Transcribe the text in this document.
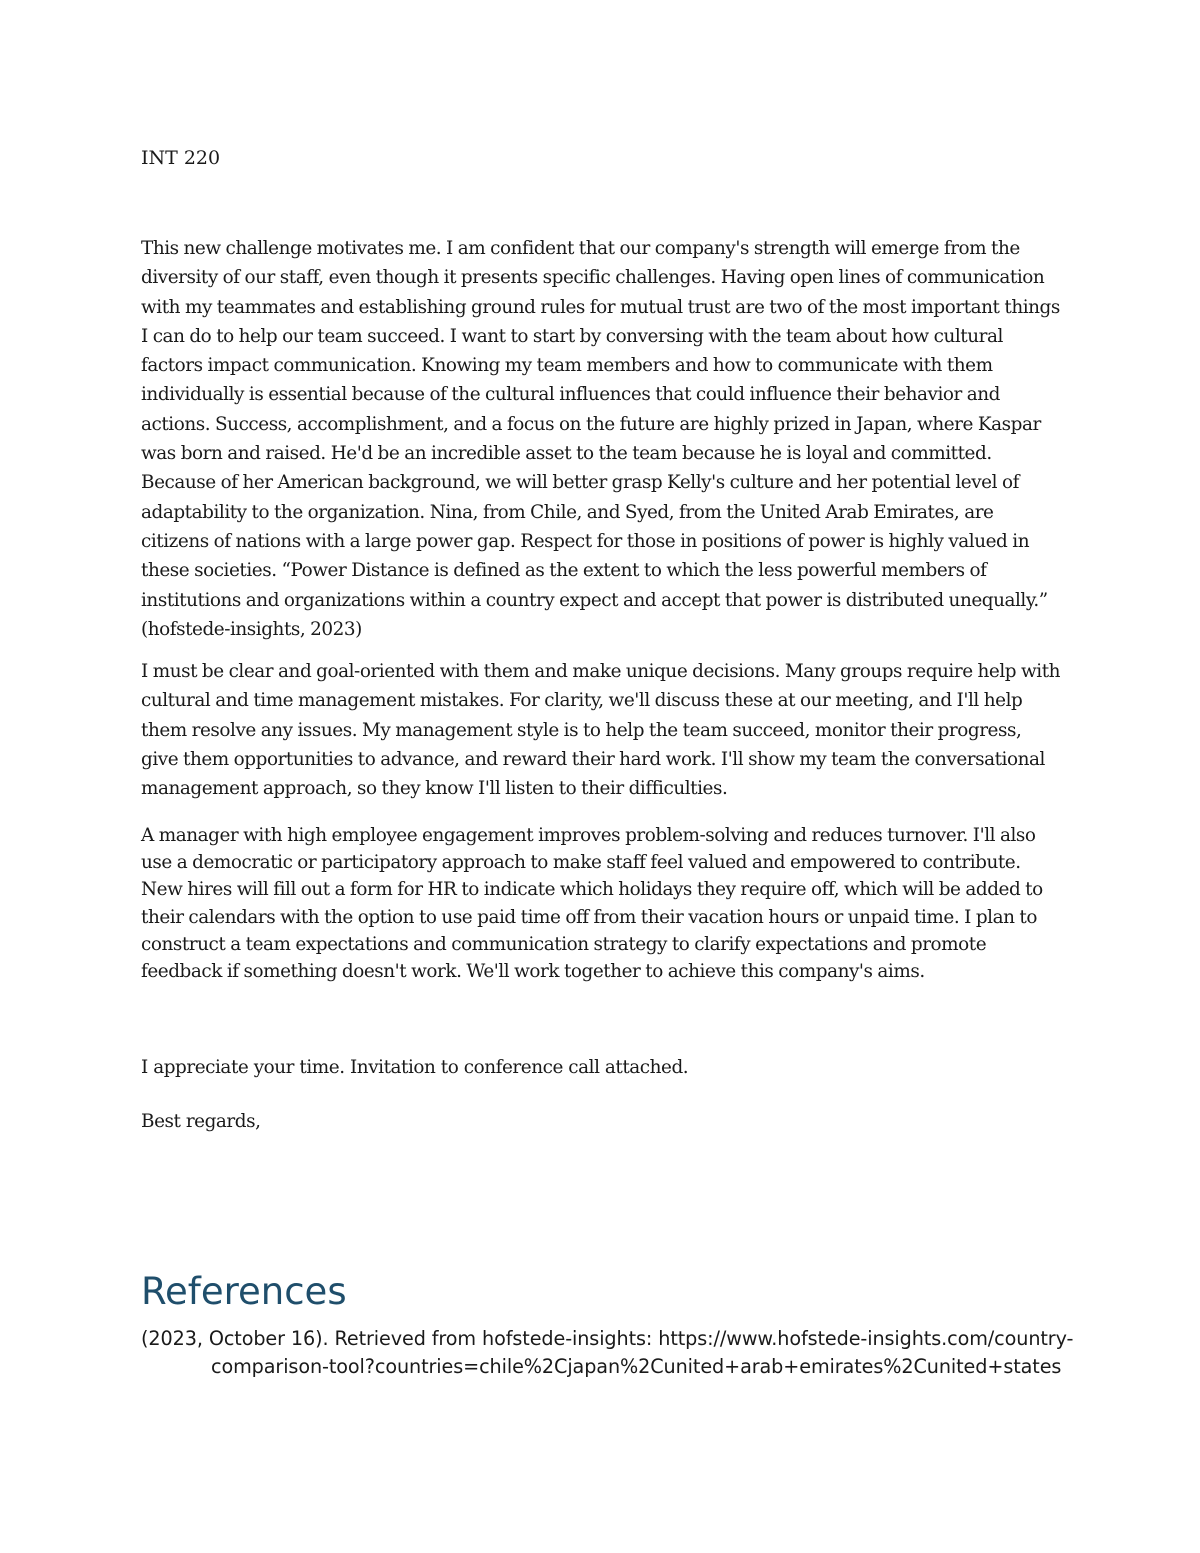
INT 220

This new challenge motivates me. I am confident that our company's strength will emerge from the diversity of our staff, even though it presents specific challenges. Having open lines of communication with my teammates and establishing ground rules for mutual trust are two of the most important things I can do to help our team succeed. I want to start by conversing with the team about how cultural factors impact communication. Knowing my team members and how to communicate with them individually is essential because of the cultural influences that could influence their behavior and actions. Success, accomplishment, and a focus on the future are highly prized in Japan, where Kaspar was born and raised. He'd be an incredible asset to the team because he is loyal and committed. Because of her American background, we will better grasp Kelly's culture and her potential level of adaptability to the organization. Nina, from Chile, and Syed, from the United Arab Emirates, are citizens of nations with a large power gap. Respect for those in positions of power is highly valued in these societies. “Power Distance is defined as the extent to which the less powerful members of institutions and organizations within a country expect and accept that power is distributed unequally.” (hofstede-insights, 2023)

I must be clear and goal-oriented with them and make unique decisions. Many groups require help with cultural and time management mistakes. For clarity, we'll discuss these at our meeting, and I'll help them resolve any issues. My management style is to help the team succeed, monitor their progress, give them opportunities to advance, and reward their hard work. I'll show my team the conversational management approach, so they know I'll listen to their difficulties.

A manager with high employee engagement improves problem-solving and reduces turnover. I'll also use a democratic or participatory approach to make staff feel valued and empowered to contribute. New hires will fill out a form for HR to indicate which holidays they require off, which will be added to their calendars with the option to use paid time off from their vacation hours or unpaid time. I plan to construct a team expectations and communication strategy to clarify expectations and promote feedback if something doesn't work. We'll work together to achieve this company's aims.

I appreciate your time. Invitation to conference call attached.

Best regards,

References

(2023, October 16). Retrieved from hofstede-insights: https://www.hofstede-insights.com/country-comparison-tool?countries=chile%2Cjapan%2Cunited+arab+emirates%2Cunited+states
